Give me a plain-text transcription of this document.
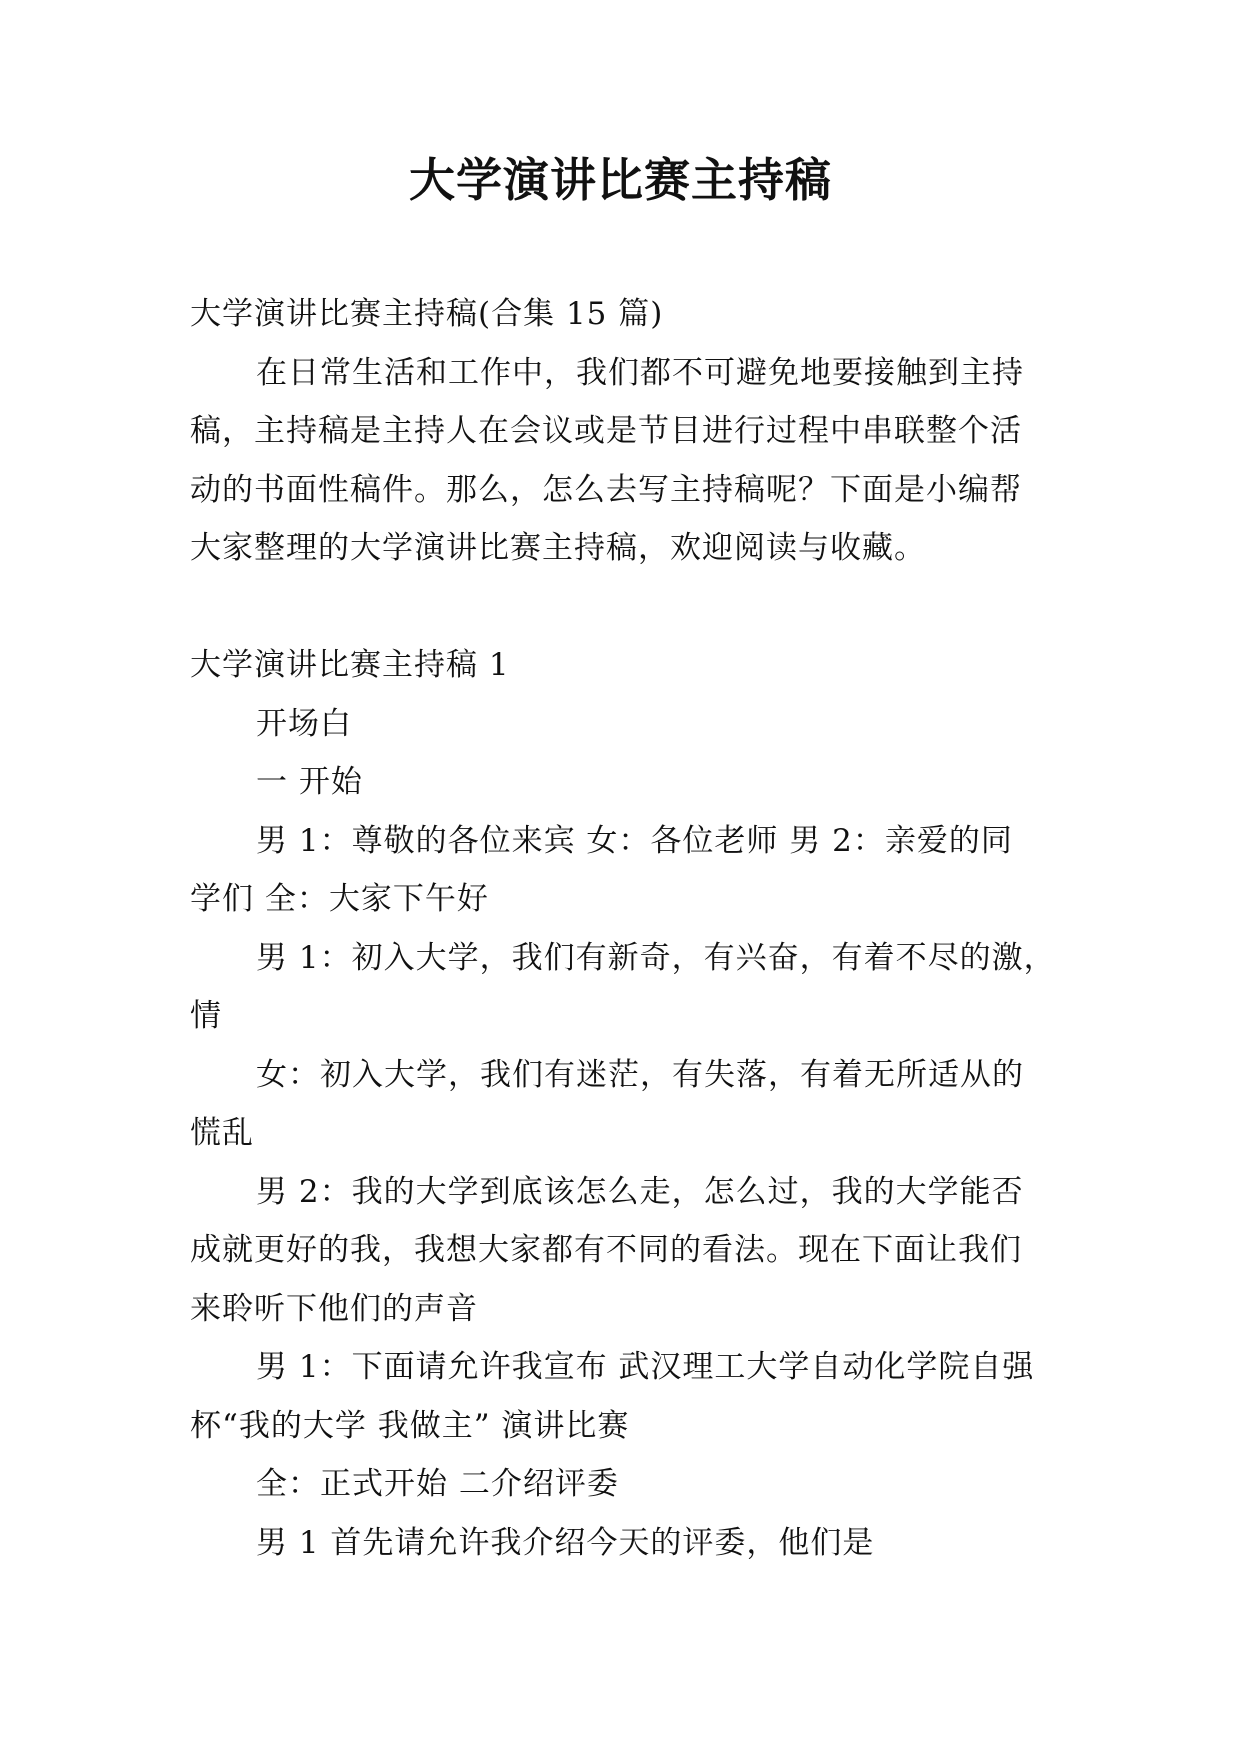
大学演讲比赛主持稿
大学演讲比赛主持稿(合集 15 篇)
在日常生活和工作中，我们都不可避免地要接触到主持
稿，主持稿是主持人在会议或是节目进行过程中串联整个活
动的书面性稿件。那么，怎么去写主持稿呢？下面是小编帮
大家整理的大学演讲比赛主持稿，欢迎阅读与收藏。
大学演讲比赛主持稿 1
开场白
一 开始
男 1：尊敬的各位来宾 女：各位老师 男 2：亲爱的同
学们 全：大家下午好
男 1：初入大学，我们有新奇，有兴奋，有着不尽的激，
情
女：初入大学，我们有迷茫，有失落，有着无所适从的
慌乱
男 2：我的大学到底该怎么走，怎么过，我的大学能否
成就更好的我，我想大家都有不同的看法。现在下面让我们
来聆听下他们的声音
男 1：下面请允许我宣布 武汉理工大学自动化学院自强
杯“我的大学 我做主” 演讲比赛
全：正式开始 二介绍评委
男 1 首先请允许我介绍今天的评委，他们是
